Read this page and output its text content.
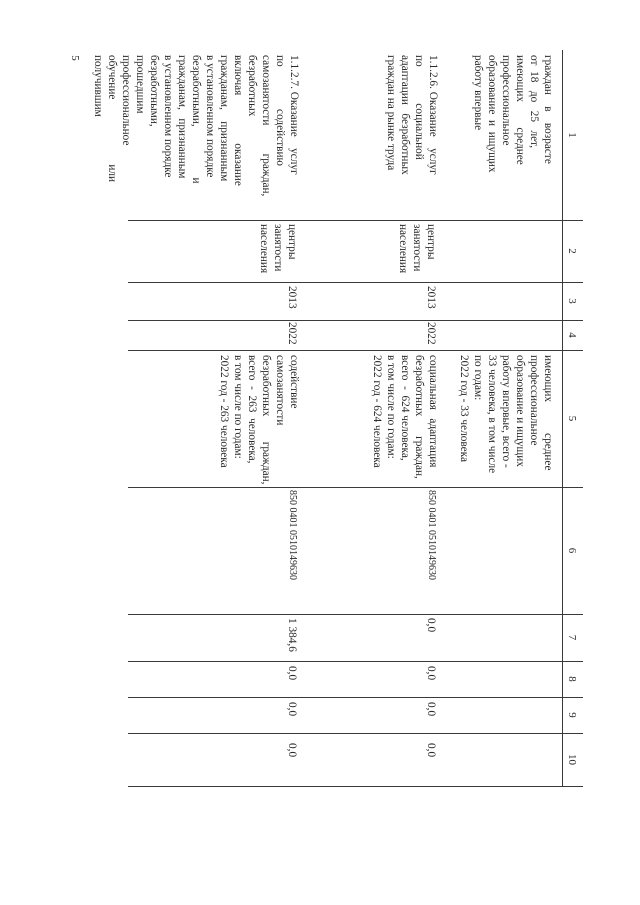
5
1
2
3
4
5
6
7
8
9
10
граждан    в    возрасте
от  18   до   25   лет,
имеющих         среднее
профессиональное
образование  и  ищущих
работу впервые
имеющих           среднее
профессиональное
образование и ищущих
работу впервые, всего -
33 человека, в том числе
по годам:
2022 год - 33 человека
1.1.2.6. Оказание    услуг
по             социальной
адаптации   безработных
граждан на рынке труда
центры
занятости
населения
2013
2022
социальная   адаптация
безработных       граждан,
всего  -  624 человека,
в том числе по годам:
2022 год - 624 человека
850 0401 0510149630
0,0
0,0
0,0
0,0
1.1.2.7. Оказание    услуг
по               содействию
самозанятости          граждан,
безработных
включая                 оказание
гражданам,    признанным
в установленном порядке
безработными,                  и
гражданам,   признанным
в установленном порядке
безработными,
прошедшим
профессиональное
обучение                       или
получившим
центры
занятости
населения
2013
2022
содействие
самозанятости
безработных         граждан,
всего  -  263  человека,
в том числе по годам:
2022 год - 263 человека
850 0401 0510149630
1 384,6
0,0
0,0
0,0
